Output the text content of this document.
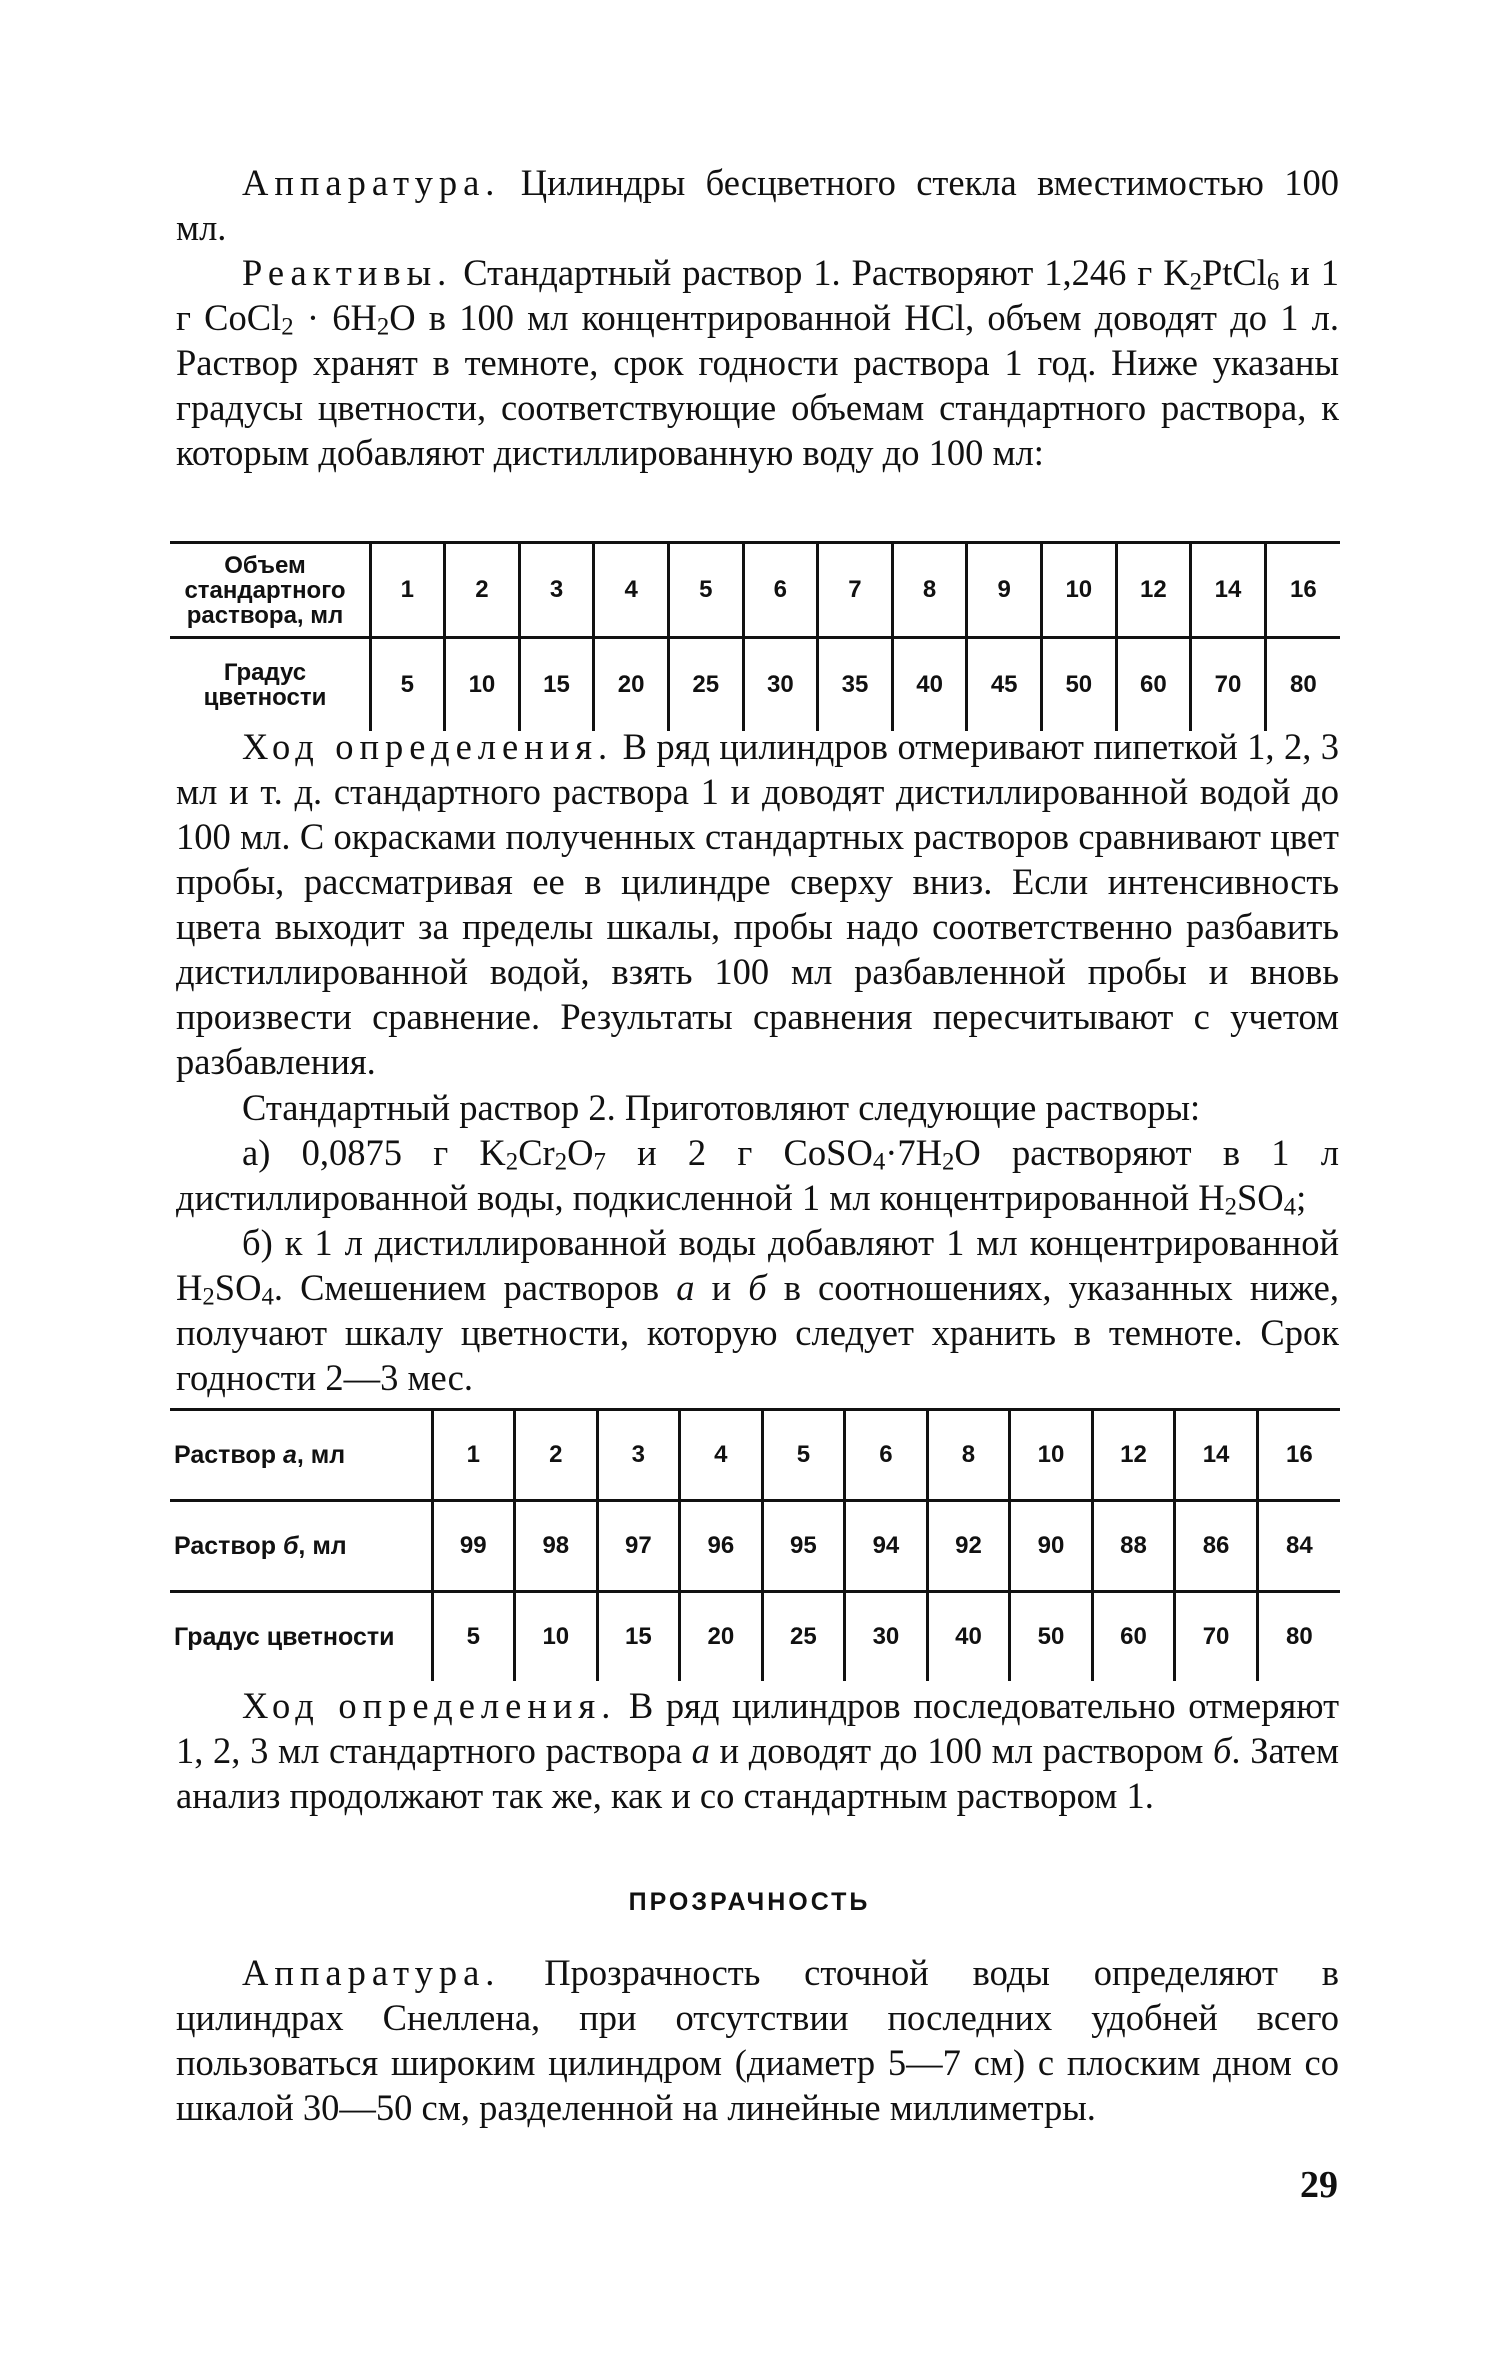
Аппаратура. Цилиндры бесцветного стекла вместимостью 100 мл.

Реактивы. Стандартный раствор 1. Растворяют 1,246 г $K_2PtCl_6$ и 1 г CoCl$_2$ · $6H_2O$ в 100 мл концентрированной HCl, объем доводят до 1 л. Раствор хранят в темноте, срок годности раствора 1 год. Ниже указаны градусы цветности, соответствующие объемам стандартного раствора, к которым добавляют дистиллированную воду до 100 мл:

Объем стандартного раствора, мл		1	2	3	4	5	6	7	8	9	10	12	14	16
Градус цветности		5	10	15	20	25	30	35	40	45	50	60	70	80

Ход определения. В ряд цилиндров отмеривают пипеткой 1, 2, 3 мл и т. д. стандартного раствора 1 и доводят дистиллированной водой до 100 мл. С окрасками полученных стандартных растворов сравнивают цвет пробы, рассматривая ее в цилиндре сверху вниз. Если интенсивность цвета выходит за пределы шкалы, пробы надо соответственно разбавить дистиллированной водой, взять 100 мл разбавленной пробы и вновь произвести сравнение. Результаты сравнения пересчитывают с учетом разбавления.

Стандартный раствор 2. Приготовляют следующие растворы:

а) 0,0875 г $K_2Cr_2O_7$ и 2 г $CoSO_4\cdot 7H_2O$ растворяют в 1 л дистиллированной воды, подкисленной 1 мл концентрированной $H_2SO_4$;

б) к 1 л дистиллированной воды добавляют 1 мл концентрированной $H_2SO_4$. Смешением растворов а и б в соотношениях, указанных ниже, получают шкалу цветности, которую следует хранить в темноте. Срок годности 2—3 мес.

Раствор а, мл	1	2	3	4	5	6	8	10	12	14	16
Раствор б, мл	99	98	97	96	95	94	92	90	88	86	84
Градус цветности	5	10	15	20	25	30	40	50	60	70	80

Ход определения. В ряд цилиндров последовательно отмеряют 1, 2, 3 мл стандартного раствора а и доводят до 100 мл раствором б. Затем анализ продолжают так же, как и со стандартным раствором 1.

ПРОЗРАЧНОСТЬ

Аппаратура. Прозрачность сточной воды определяют в цилиндрах Снеллена, при отсутствии последних удобней всего пользоваться широким цилиндром (диаметр 5—7 см) с плоским дном со шкалой 30—50 см, разделенной на линейные миллиметры.

29
